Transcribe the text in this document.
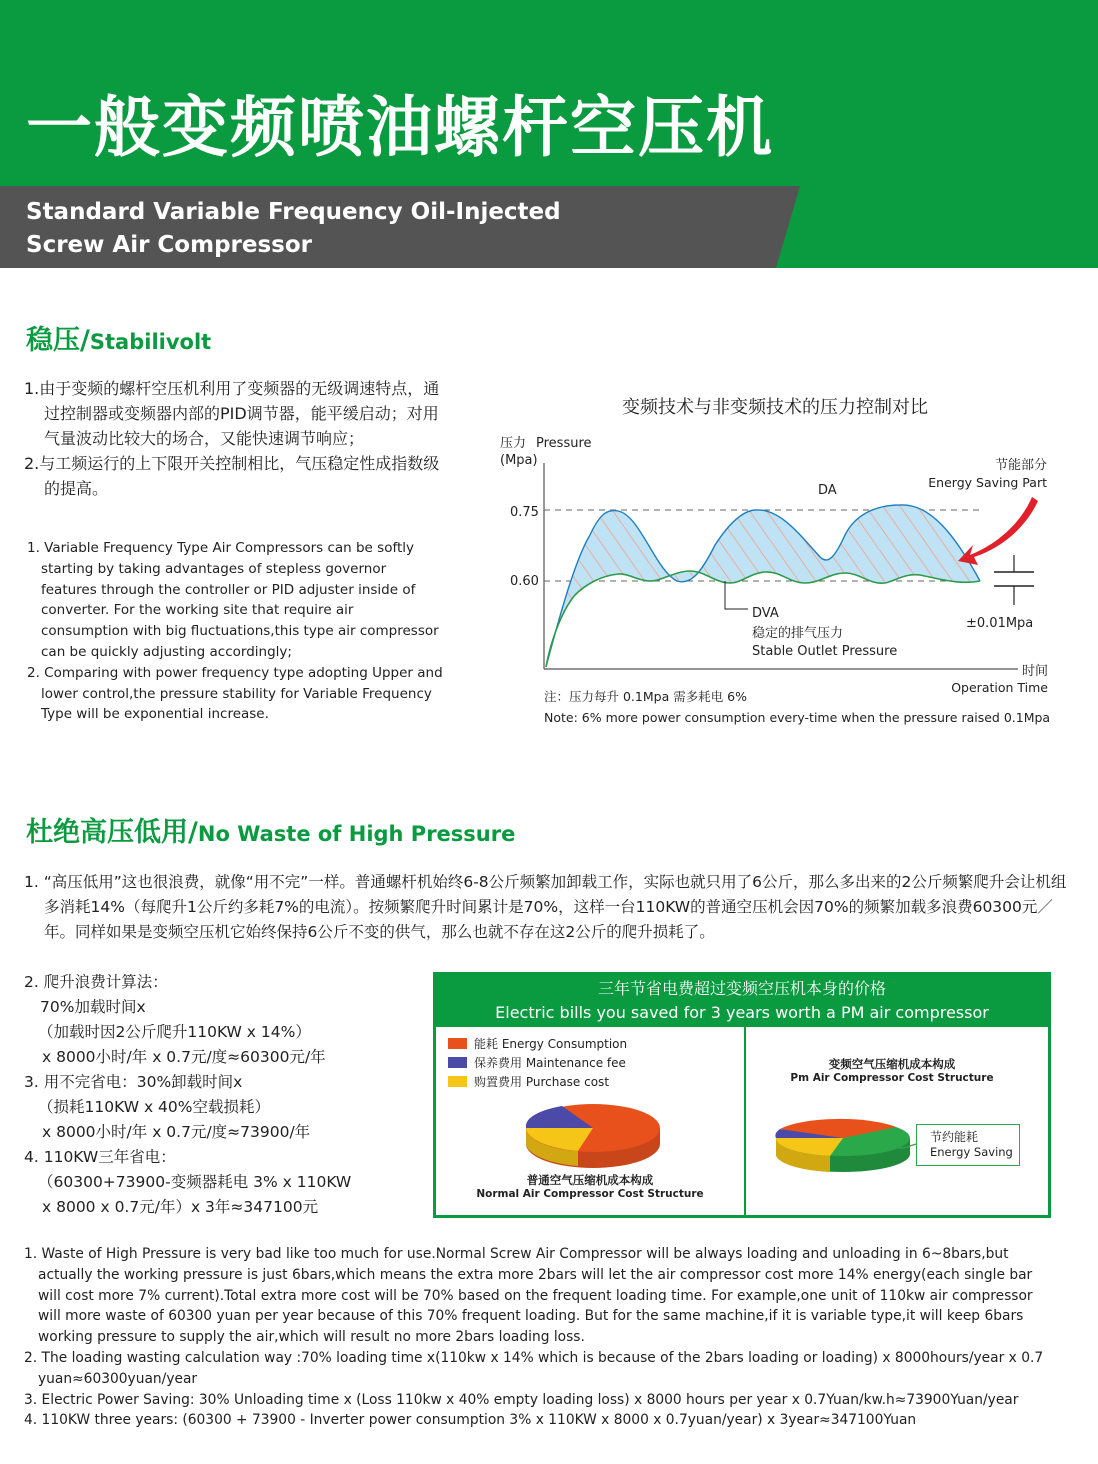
一般变频喷油螺杆空压机
Standard Variable Frequency Oil-Injected
Screw Air Compressor
稳压/Stabilivolt
1.由于变频的螺杆空压机利用了变频器的无级调速特点，通过控制器或变频器内部的PID调节器，能平缓启动；对用气量波动比较大的场合，又能快速调节响应；
2.与工频运行的上下限开关控制相比，气压稳定性成指数级的提高。
1. Variable Frequency Type Air Compressors can be softly starting by taking advantages of stepless governor features through the controller or PID adjuster inside of converter. For the working site that require air consumption with big fluctuations,this type air compressor can be quickly adjusting accordingly;
2. Comparing with power frequency type adopting Upper and lower control,the pressure stability for Variable Frequency Type will be exponential increase.
变频技术与非变频技术的压力控制对比
压力 Pressure
(Mpa)
0.75
0.60
DA
节能部分
Energy Saving Part
DVA
稳定的排气压力
Stable Outlet Pressure
±0.01Mpa
时间
Operation Time
注：压力每升 0.1Mpa 需多耗电 6%
Note: 6% more power consumption every-time when the pressure raised 0.1Mpa
杜绝高压低用/No Waste of High Pressure
1. “高压低用”这也很浪费，就像“用不完”一样。普通螺杆机始终6-8公斤频繁加卸载工作，实际也就只用了6公斤，那么多出来的2公斤频繁爬升会让机组多消耗14%（每爬升1公斤约多耗7%的电流）。按频繁爬升时间累计是70%，这样一台110KW的普通空压机会因70%的频繁加载多浪费60300元／年。同样如果是变频空压机它始终保持6公斤不变的供气，那么也就不存在这2公斤的爬升损耗了。
2. 爬升浪费计算法：
70%加载时间x
（加载时因2公斤爬升110KW x 14%）
x 8000小时/年 x 0.7元/度≈60300元/年
3. 用不完省电：30%卸载时间x
（损耗110KW x 40%空载损耗）
x 8000小时/年 x 0.7元/度≈73900/年
4. 110KW三年省电：
（60300+73900-变频器耗电 3% x 110KW
x 8000 x 0.7元/年）x 3年≈347100元
三年节省电费超过变频空压机本身的价格
Electric bills you saved for 3 years worth a PM air compressor
能耗 Energy Consumption
保养费用 Maintenance fee
购置费用 Purchase cost
普通空气压缩机成本构成
Normal Air Compressor Cost Structure
变频空气压缩机成本构成
Pm Air Compressor Cost Structure
节约能耗
Energy Saving
1. Waste of High Pressure is very bad like too much for use.Normal Screw Air Compressor will be always loading and unloading in 6~8bars,but actually the working pressure is just 6bars,which means the extra more 2bars will let the air compressor cost more 14% energy(each single bar will cost more 7% current).Total extra more cost will be 70% based on the frequent loading time. For example,one unit of 110kw air compressor will more waste of 60300 yuan per year because of this 70% frequent loading. But for the same machine,if it is variable type,it will keep 6bars working pressure to supply the air,which will result no more 2bars loading loss.
2. The loading wasting calculation way :70% loading time x(110kw x 14% which is because of the 2bars loading or loading) x 8000hours/year x 0.7 yuan≈60300yuan/year
3. Electric Power Saving: 30% Unloading time x (Loss 110kw x 40% empty loading loss) x 8000 hours per year x 0.7Yuan/kw.h≈73900Yuan/year
4. 110KW three years: (60300 + 73900 - Inverter power consumption 3% x 110KW x 8000 x 0.7yuan/year) x 3year≈347100Yuan
